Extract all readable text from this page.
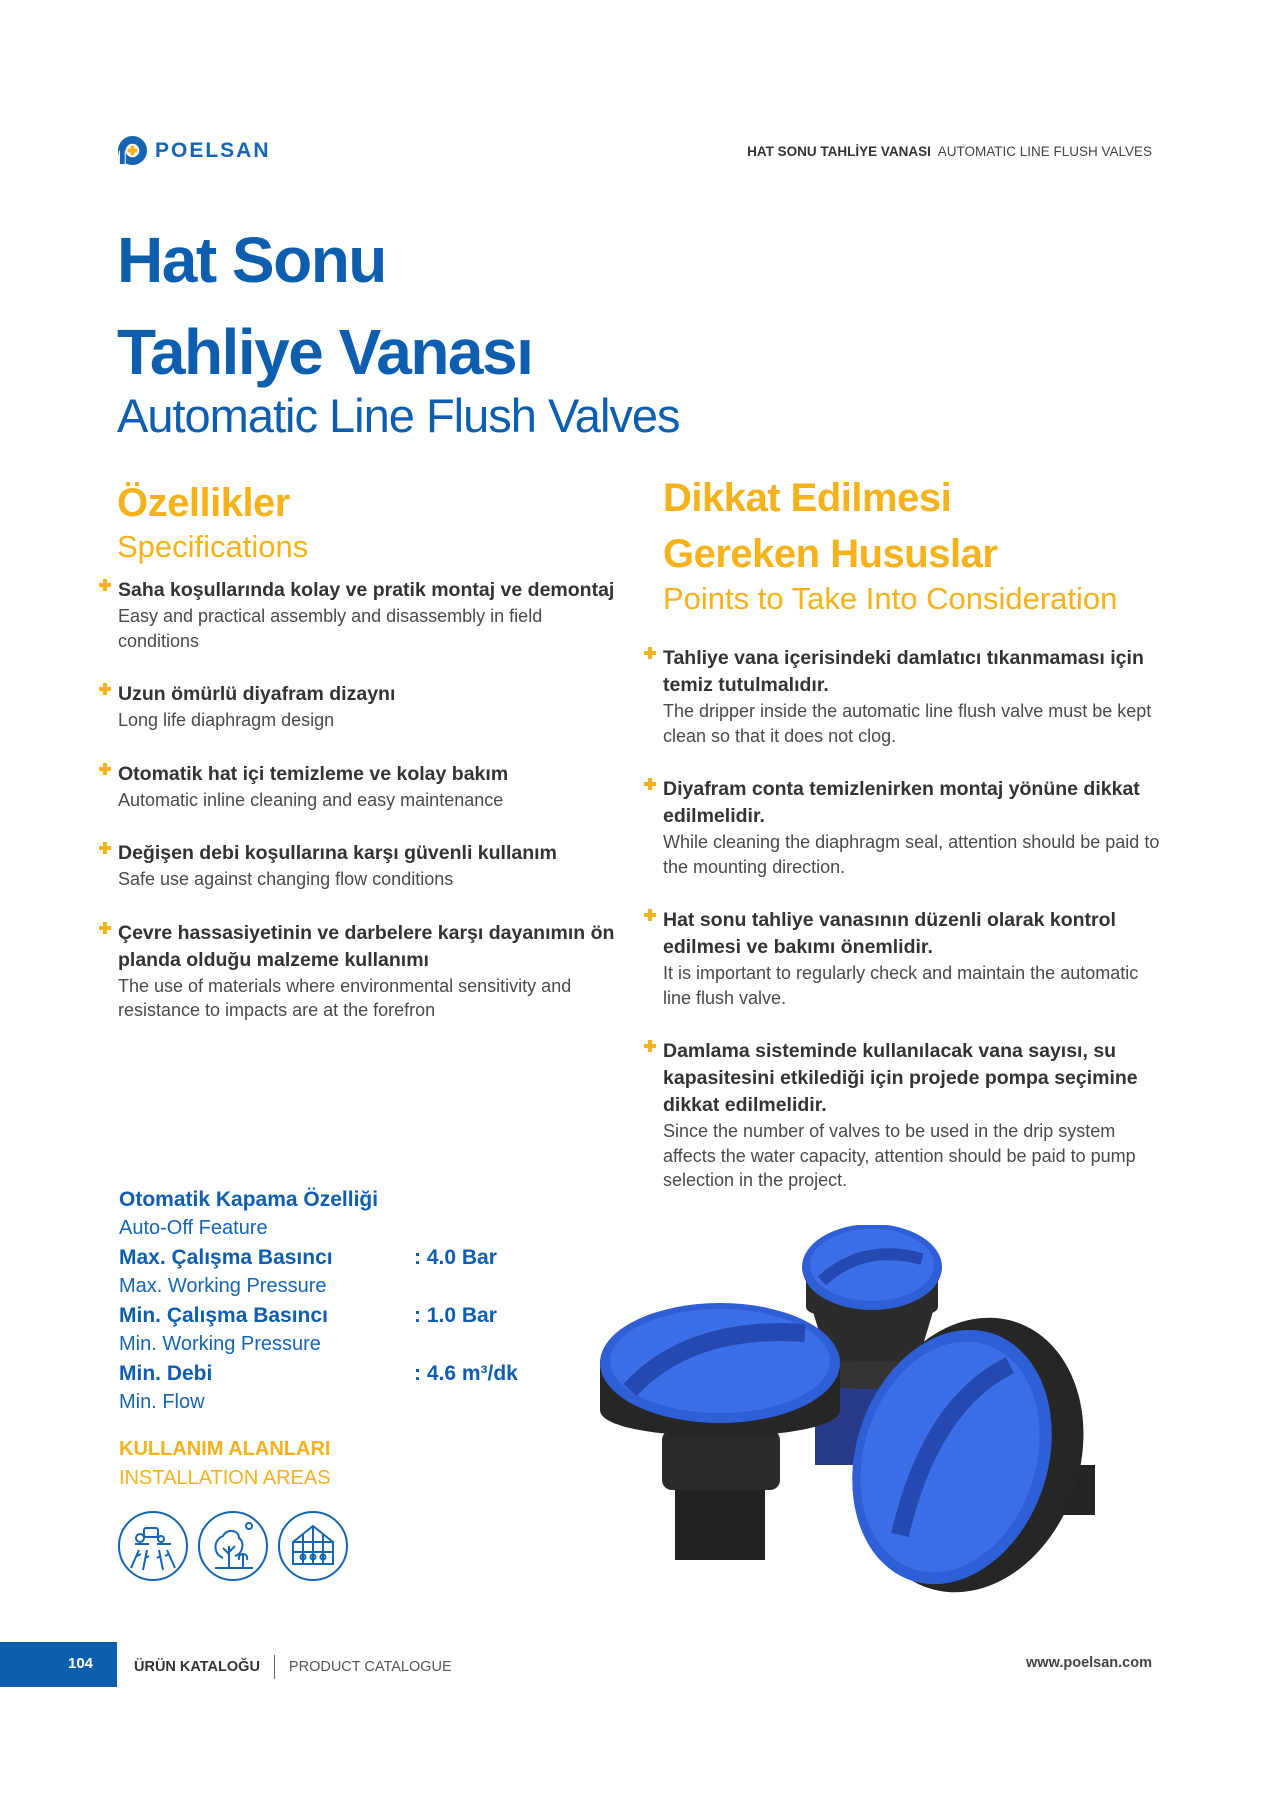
POELSAN	HAT SONU TAHLİYE VANASI AUTOMATIC LINE FLUSH VALVES
Hat Sonu
Tahliye Vanası
Automatic Line Flush Valves
Özellikler
Specifications
Dikkat Edilmesi
Gereken Hususlar
Points to Take Into Consideration
Saha koşullarında kolay ve pratik montaj ve demontaj
Easy and practical assembly and disassembly in field conditions
Uzun ömürlü diyafram dizaynı
Long life diaphragm design
Otomatik hat içi temizleme ve kolay bakım
Automatic inline cleaning and easy maintenance
Değişen debi koşullarına karşı güvenli kullanım
Safe use against changing flow conditions
Çevre hassasiyetinin ve darbelere karşı dayanımın ön planda olduğu malzeme kullanımı
The use of materials where environmental sensitivity and resistance to impacts are at the forefron
Tahliye vana içerisindeki damlatıcı tıkanmaması için temiz tutulmalıdır.
The dripper inside the automatic line flush valve must be kept clean so that it does not clog.
Diyafram conta temizlenirken montaj yönüne dikkat edilmelidir.
While cleaning the diaphragm seal, attention should be paid to the mounting direction.
Hat sonu tahliye vanasının düzenli olarak kontrol edilmesi ve bakımı önemlidir.
It is important to regularly check and maintain the automatic line flush valve.
Damlama sisteminde kullanılacak vana sayısı, su kapasitesini etkilediği için projede pompa seçimine dikkat edilmelidir.
Since the number of valves to be used in the drip system affects the water capacity, attention should be paid to pump selection in the project.
Otomatik Kapama Özelliği
Auto-Off Feature
Max. Çalışma Basıncı	: 4.0 Bar
Max. Working Pressure
Min. Çalışma Basıncı	: 1.0 Bar
Min. Working Pressure
Min. Debi	: 4.6 m³/dk
Min. Flow
KULLANIM ALANLARI
INSTALLATION AREAS
104	ÜRÜN KATALOĞU PRODUCT CATALOGUE	www.poelsan.com
